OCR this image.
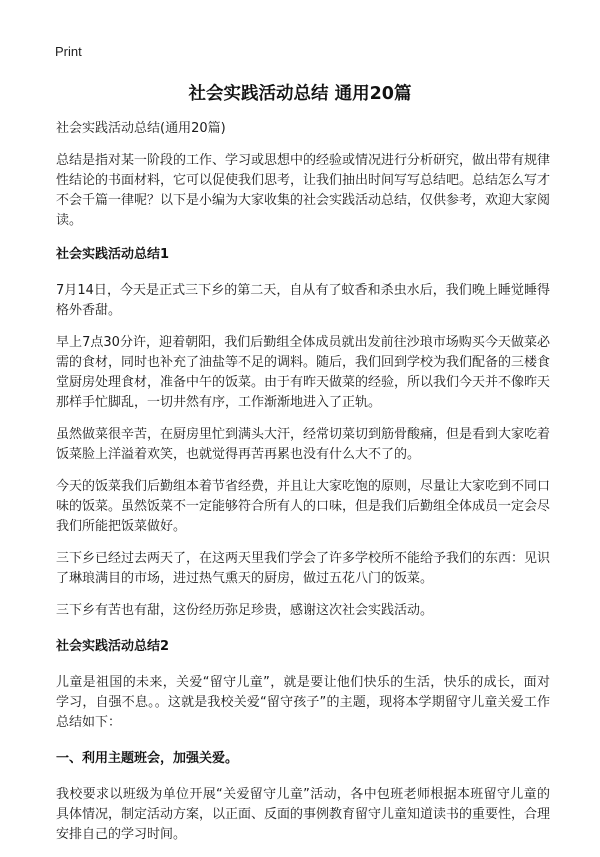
Print
社会实践活动总结 通用20篇

社会实践活动总结(通用20篇)

总结是指对某一阶段的工作、学习或思想中的经验或情况进行分析研究，做出带有规律性结论的书面材料，它可以促使我们思考，让我们抽出时间写写总结吧。总结怎么写才不会千篇一律呢？以下是小编为大家收集的社会实践活动总结，仅供参考，欢迎大家阅读。

社会实践活动总结1

7月14日，今天是正式三下乡的第二天，自从有了蚊香和杀虫水后，我们晚上睡觉睡得格外香甜。

早上7点30分许，迎着朝阳，我们后勤组全体成员就出发前往沙琅市场购买今天做菜必需的食材，同时也补充了油盐等不足的调料。随后，我们回到学校为我们配备的三楼食堂厨房处理食材，准备中午的饭菜。由于有昨天做菜的经验，所以我们今天并不像昨天那样手忙脚乱，一切井然有序，工作渐渐地进入了正轨。

虽然做菜很辛苦，在厨房里忙到满头大汗，经常切菜切到筋骨酸痛，但是看到大家吃着饭菜脸上洋溢着欢笑，也就觉得再苦再累也没有什么大不了的。

今天的饭菜我们后勤组本着节省经费，并且让大家吃饱的原则，尽量让大家吃到不同口味的饭菜。虽然饭菜不一定能够符合所有人的口味，但是我们后勤组全体成员一定会尽我们所能把饭菜做好。

三下乡已经过去两天了，在这两天里我们学会了许多学校所不能给予我们的东西：见识了琳琅满目的市场，进过热气熏天的厨房，做过五花八门的饭菜。

三下乡有苦也有甜，这份经历弥足珍贵，感谢这次社会实践活动。

社会实践活动总结2

儿童是祖国的未来，关爱“留守儿童”，就是要让他们快乐的生活，快乐的成长，面对学习，自强不息。。这就是我校关爱“留守孩子”的主题，现将本学期留守儿童关爱工作总结如下：

一、利用主题班会，加强关爱。

我校要求以班级为单位开展“关爱留守儿童”活动，各中包班老师根据本班留守儿童的具体情况，制定活动方案，以正面、反面的事例教育留守儿童知道读书的重要性，合理安排自己的学习时间。
